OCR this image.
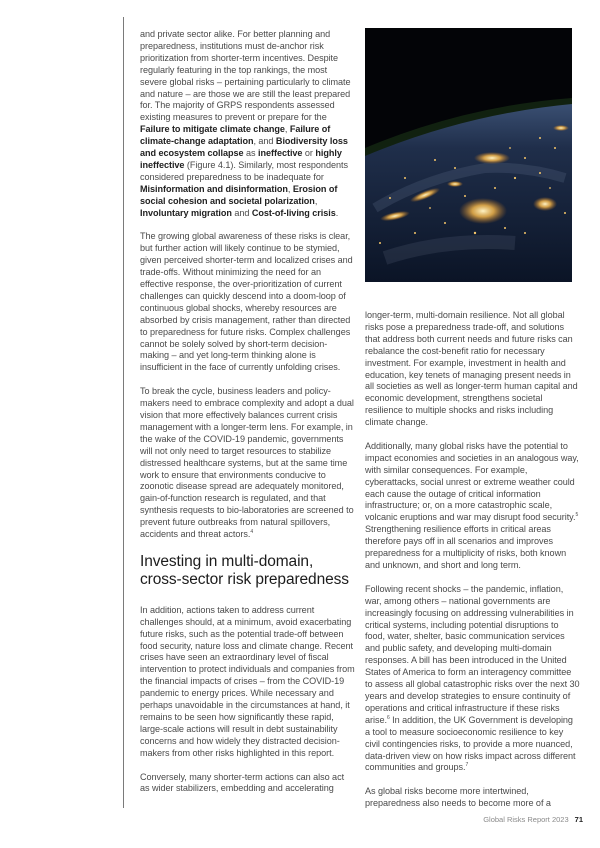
and private sector alike. For better planning and preparedness, institutions must de-anchor risk prioritization from shorter-term incentives. Despite regularly featuring in the top rankings, the most severe global risks – pertaining particularly to climate and nature – are those we are still the least prepared for. The majority of GRPS respondents assessed existing measures to prevent or prepare for the Failure to mitigate climate change, Failure of climate-change adaptation, and Biodiversity loss and ecosystem collapse as ineffective or highly ineffective (Figure 4.1). Similarly, most respondents considered preparedness to be inadequate for Misinformation and disinformation, Erosion of social cohesion and societal polarization, Involuntary migration and Cost-of-living crisis.

The growing global awareness of these risks is clear, but further action will likely continue to be stymied, given perceived shorter-term and localized crises and trade-offs. Without minimizing the need for an effective response, the over-prioritization of current challenges can quickly descend into a doom-loop of continuous global shocks, whereby resources are absorbed by crisis management, rather than directed to preparedness for future risks. Complex challenges cannot be solely solved by short-term decision-making – and yet long-term thinking alone is insufficient in the face of currently unfolding crises.

To break the cycle, business leaders and policy-makers need to embrace complexity and adopt a dual vision that more effectively balances current crisis management with a longer-term lens. For example, in the wake of the COVID-19 pandemic, governments will not only need to target resources to stabilize distressed healthcare systems, but at the same time work to ensure that environments conducive to zoonotic disease spread are adequately monitored, gain-of-function research is regulated, and that synthesis requests to bio-laboratories are screened to prevent future outbreaks from natural spillovers, accidents and threat actors.$^4$

Investing in multi-domain, cross-sector risk preparedness

In addition, actions taken to address current challenges should, at a minimum, avoid exacerbating future risks, such as the potential trade-off between food security, nature loss and climate change. Recent crises have seen an extraordinary level of fiscal intervention to protect individuals and companies from the financial impacts of crises – from the COVID-19 pandemic to energy prices. While necessary and perhaps unavoidable in the circumstances at hand, it remains to be seen how significantly these rapid, large-scale actions will result in debt sustainability concerns and how widely they distracted decision-makers from other risks highlighted in this report.

Conversely, many shorter-term actions can also act as wider stabilizers, embedding and accelerating

longer-term, multi-domain resilience. Not all global risks pose a preparedness trade-off, and solutions that address both current needs and future risks can rebalance the cost-benefit ratio for necessary investment. For example, investment in health and education, key tenets of managing present needs in all societies as well as longer-term human capital and economic development, strengthens societal resilience to multiple shocks and risks including climate change.

Additionally, many global risks have the potential to impact economies and societies in an analogous way, with similar consequences. For example, cyberattacks, social unrest or extreme weather could each cause the outage of critical information infrastructure; or, on a more catastrophic scale, volcanic eruptions and war may disrupt food security.$^5$ Strengthening resilience efforts in critical areas therefore pays off in all scenarios and improves preparedness for a multiplicity of risks, both known and unknown, and short and long term.

Following recent shocks – the pandemic, inflation, war, among others – national governments are increasingly focusing on addressing vulnerabilities in critical systems, including potential disruptions to food, water, shelter, basic communication services and public safety, and developing multi-domain responses. A bill has been introduced in the United States of America to form an interagency committee to assess all global catastrophic risks over the next 30 years and develop strategies to ensure continuity of operations and critical infrastructure if these risks arise.$^6$ In addition, the UK Government is developing a tool to measure socioeconomic resilience to key civil contingencies risks, to provide a more nuanced, data-driven view on how risks impact across different communities and groups.$^7$

As global risks become more intertwined, preparedness also needs to become more of a

Global Risks Report 2023 71
